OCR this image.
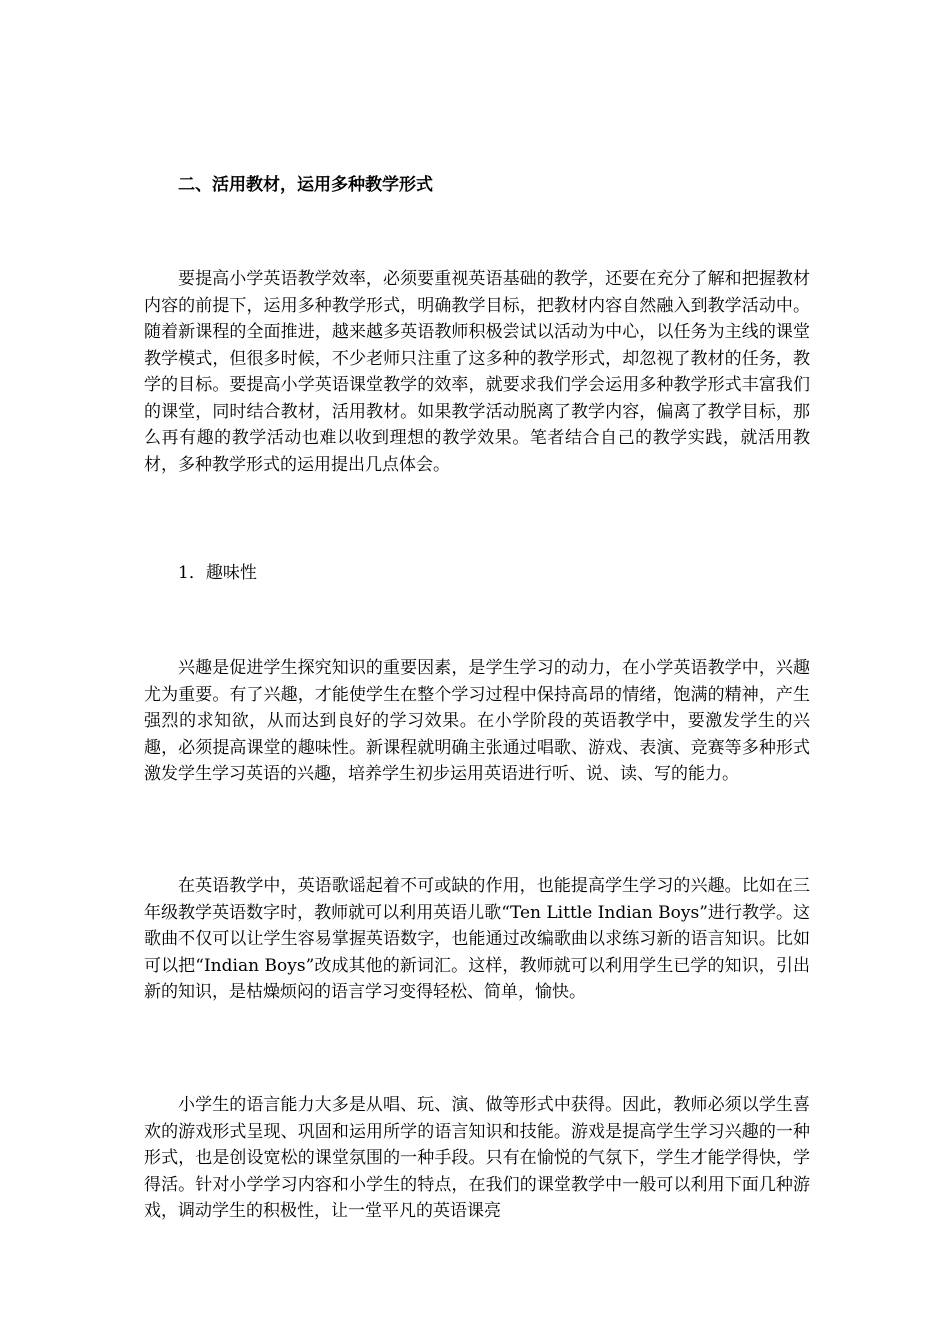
二、活用教材，运用多种教学形式

要提高小学英语教学效率，必须要重视英语基础的教学，还要在充分了解和把握教材内容的前提下，运用多种教学形式，明确教学目标，把教材内容自然融入到教学活动中。随着新课程的全面推进，越来越多英语教师积极尝试以活动为中心，以任务为主线的课堂教学模式，但很多时候，不少老师只注重了这多种的教学形式，却忽视了教材的任务，教学的目标。要提高小学英语课堂教学的效率，就要求我们学会运用多种教学形式丰富我们的课堂，同时结合教材，活用教材。如果教学活动脱离了教学内容，偏离了教学目标，那么再有趣的教学活动也难以收到理想的教学效果。笔者结合自己的教学实践，就活用教材，多种教学形式的运用提出几点体会。

1．趣味性

兴趣是促进学生探究知识的重要因素，是学生学习的动力，在小学英语教学中，兴趣尤为重要。有了兴趣，才能使学生在整个学习过程中保持高昂的情绪，饱满的精神，产生强烈的求知欲，从而达到良好的学习效果。在小学阶段的英语教学中，要激发学生的兴趣，必须提高课堂的趣味性。新课程就明确主张通过唱歌、游戏、表演、竞赛等多种形式激发学生学习英语的兴趣，培养学生初步运用英语进行听、说、读、写的能力。

在英语教学中，英语歌谣起着不可或缺的作用，也能提高学生学习的兴趣。比如在三年级教学英语数字时，教师就可以利用英语儿歌“Ten Little Indian Boys”进行教学。这歌曲不仅可以让学生容易掌握英语数字，也能通过改编歌曲以求练习新的语言知识。比如可以把“Indian Boys”改成其他的新词汇。这样，教师就可以利用学生已学的知识，引出新的知识，是枯燥烦闷的语言学习变得轻松、简单，愉快。

小学生的语言能力大多是从唱、玩、演、做等形式中获得。因此，教师必须以学生喜欢的游戏形式呈现、巩固和运用所学的语言知识和技能。游戏是提高学生学习兴趣的一种形式，也是创设宽松的课堂氛围的一种手段。只有在愉悦的气氛下，学生才能学得快，学得活。针对小学学习内容和小学生的特点，在我们的课堂教学中一般可以利用下面几种游戏，调动学生的积极性，让一堂平凡的英语课亮
